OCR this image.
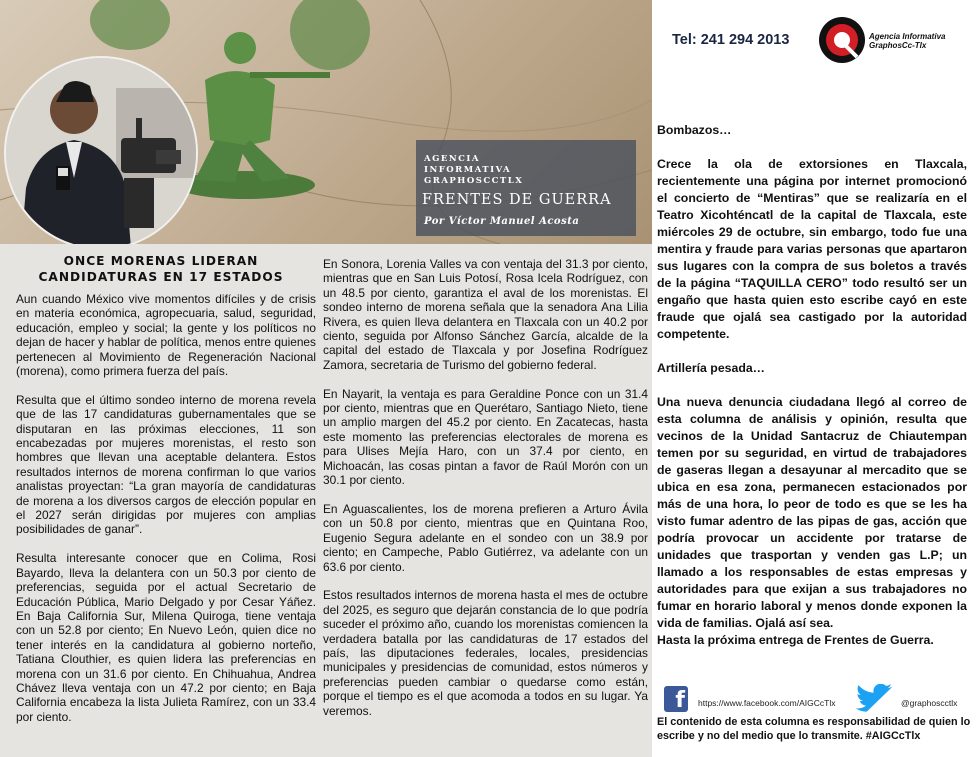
AGENCIA INFORMATIVA GRAPHOSCCTLX
FRENTES DE GUERRA
Por Víctor Manuel Acosta
ONCE MORENAS LIDERAN CANDIDATURAS EN 17 ESTADOS

Aun cuando México vive momentos difíciles y de crisis en materia económica, agropecuaria, salud, seguridad, educación, empleo y social; la gente y los políticos no dejan de hacer y hablar de política, menos entre quienes pertenecen al Movimiento de Regeneración Nacional (morena), como primera fuerza del país.

Resulta que el último sondeo interno de morena revela que de las 17 candidaturas gubernamentales que se disputaran en las próximas elecciones, 11 son encabezadas por mujeres morenistas, el resto son hombres que llevan una aceptable delantera. Estos resultados internos de morena confirman lo que varios analistas proyectan: “La gran mayoría de candidaturas de morena a los diversos cargos de elección popular en el 2027 serán dirigidas por mujeres con amplias posibilidades de ganar”.

Resulta interesante conocer que en Colima, Rosi Bayardo, lleva la delantera con un 50.3 por ciento de preferencias, seguida por el actual Secretario de Educación Pública, Mario Delgado y por Cesar Yáñez. En Baja California Sur, Milena Quiroga, tiene ventaja con un 52.8 por ciento; En Nuevo León, quien dice no tener interés en la candidatura al gobierno norteño, Tatiana Clouthier, es quien lidera las preferencias en morena con un 31.6 por ciento. En Chihuahua, Andrea Chávez lleva ventaja con un 47.2 por ciento; en Baja California encabeza la lista Julieta Ramírez, con un 33.4 por ciento.

En Sonora, Lorenia Valles va con ventaja del 31.3 por ciento, mientras que en San Luis Potosí, Rosa Icela Rodríguez, con un 48.5 por ciento, garantiza el aval de los morenistas. El sondeo interno de morena señala que la senadora Ana Lilia Rivera, es quien lleva delantera en Tlaxcala con un 40.2 por ciento, seguida por Alfonso Sánchez García, alcalde de la capital del estado de Tlaxcala y por Josefina Rodríguez Zamora, secretaria de Turismo del gobierno federal.

En Nayarit, la ventaja es para Geraldine Ponce con un 31.4 por ciento, mientras que en Querétaro, Santiago Nieto, tiene un amplio margen del 45.2 por ciento. En Zacatecas, hasta este momento las preferencias electorales de morena es para Ulises Mejía Haro, con un 37.4 por ciento, en Michoacán, las cosas pintan a favor de Raúl Morón con un 30.1 por ciento.

En Aguascalientes, los de morena prefieren a Arturo Ávila con un 50.8 por ciento, mientras que en Quintana Roo, Eugenio Segura adelante en el sondeo con un 38.9 por ciento; en Campeche, Pablo Gutiérrez, va adelante con un 63.6 por ciento.

Estos resultados internos de morena hasta el mes de octubre del 2025, es seguro que dejarán constancia de lo que podría suceder el próximo año, cuando los morenistas comiencen la verdadera batalla por las candidaturas de 17 estados del país, las diputaciones federales, locales, presidencias municipales y presidencias de comunidad, estos números y preferencias pueden cambiar o quedarse como están, porque el tiempo es el que acomoda a todos en su lugar. Ya veremos.

Tel: 241 294 2013	Agencia Informativa
GraphosCc-Tlx

Bombazos…

Crece la ola de extorsiones en Tlaxcala, recientemente una página por internet promocionó el concierto de “Mentiras” que se realizaría en el Teatro Xicohténcatl de la capital de Tlaxcala, este miércoles 29 de octubre, sin embargo, todo fue una mentira y fraude para varias personas que apartaron sus lugares con la compra de sus boletos a través de la página “TAQUILLA CERO” todo resultó ser un engaño que hasta quien esto escribe cayó en este fraude que ojalá sea castigado por la autoridad competente.

Artillería pesada…

Una nueva denuncia ciudadana llegó al correo de esta columna de análisis y opinión, resulta que vecinos de la Unidad Santacruz de Chiautempan temen por su seguridad, en virtud de trabajadores de gaseras llegan a desayunar al mercadito que se ubica en esa zona, permanecen estacionados por más de una hora, lo peor de todo es que se les ha visto fumar adentro de las pipas de gas, acción que podría provocar un accidente por tratarse de unidades que trasportan y venden gas L.P; un llamado a los responsables de estas empresas y autoridades para que exijan a sus trabajadores no fumar en horario laboral y menos donde exponen la vida de familias. Ojalá así sea.

Hasta la próxima entrega de Frentes de Guerra.

f	https://www.facebook.com/AIGCcTlx	@graphoscctlx
El contenido de esta columna es responsabilidad de quien lo escribe y no del medio que lo transmite. #AIGCcTlx
